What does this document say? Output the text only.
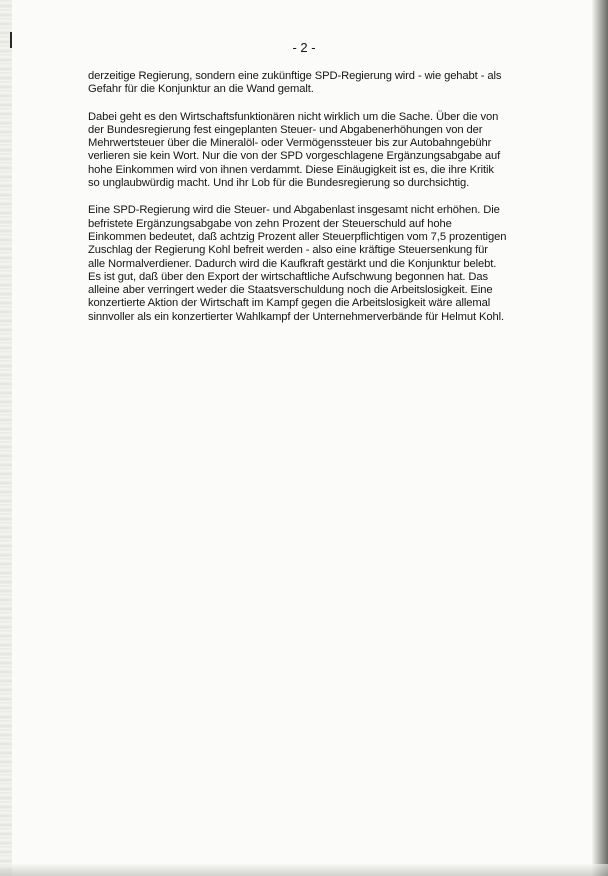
- 2 -

derzeitige Regierung, sondern eine zukünftige SPD-Regierung wird - wie gehabt - als
Gefahr für die Konjunktur an die Wand gemalt.

Dabei geht es den Wirtschaftsfunktionären nicht wirklich um die Sache. Über die von
der Bundesregierung fest eingeplanten Steuer- und Abgabenerhöhungen von der
Mehrwertsteuer über die Mineralöl- oder Vermögenssteuer bis zur Autobahngebühr
verlieren sie kein Wort. Nur die von der SPD vorgeschlagene Ergänzungsabgabe auf
hohe Einkommen wird von ihnen verdammt. Diese Einäugigkeit ist es, die ihre Kritik
so unglaubwürdig macht. Und ihr Lob für die Bundesregierung so durchsichtig.

Eine SPD-Regierung wird die Steuer- und Abgabenlast insgesamt nicht erhöhen. Die
befristete Ergänzungsabgabe von zehn Prozent der Steuerschuld auf hohe
Einkommen bedeutet, daß achtzig Prozent aller Steuerpflichtigen vom 7,5 prozentigen
Zuschlag der Regierung Kohl befreit werden - also eine kräftige Steuersenkung für
alle Normalverdiener. Dadurch wird die Kaufkraft gestärkt und die Konjunktur belebt.
Es ist gut, daß über den Export der wirtschaftliche Aufschwung begonnen hat. Das
alleine aber verringert weder die Staatsverschuldung noch die Arbeitslosigkeit. Eine
konzertierte Aktion der Wirtschaft im Kampf gegen die Arbeitslosigkeit wäre allemal
sinnvoller als ein konzertierter Wahlkampf der Unternehmerverbände für Helmut Kohl.
